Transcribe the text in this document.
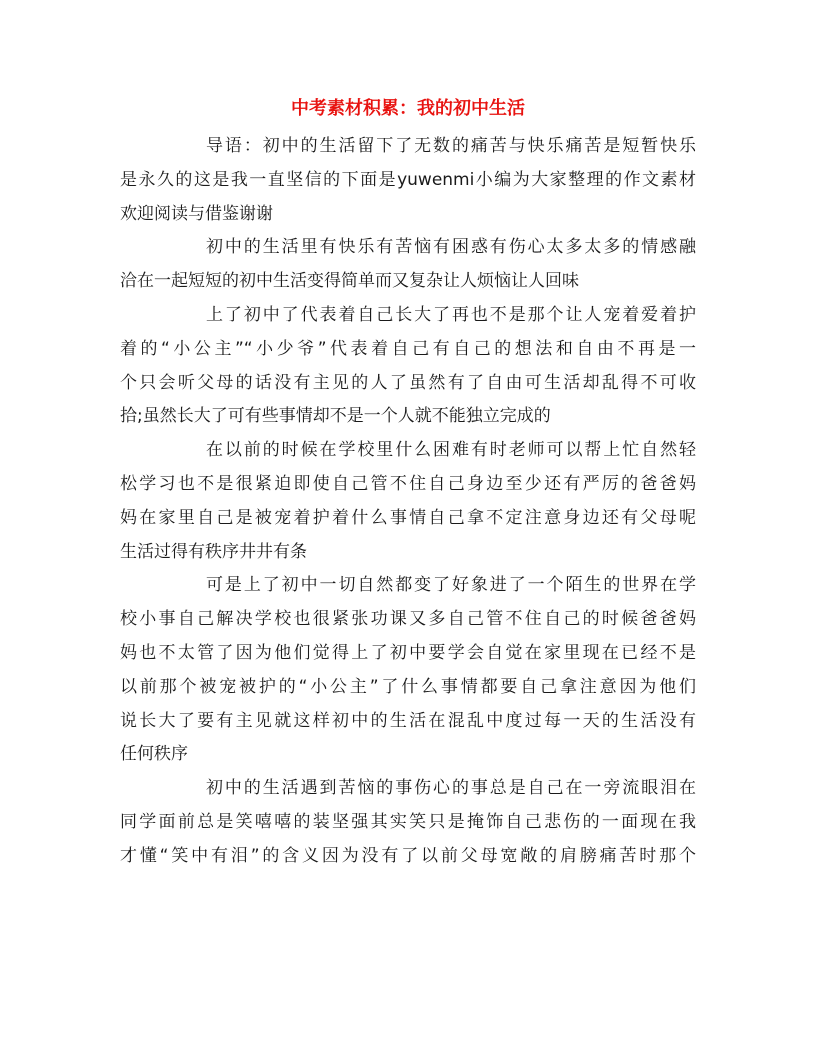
中考素材积累：我的初中生活

导语：初中的生活留下了无数的痛苦与快乐痛苦是短暂快乐
是永久的这是我一直坚信的下面是yuwenmi小编为大家整理的作文素材
欢迎阅读与借鉴谢谢

初中的生活里有快乐有苦恼有困惑有伤心太多太多的情感融
洽在一起短短的初中生活变得简单而又复杂让人烦恼让人回味

上了初中了代表着自己长大了再也不是那个让人宠着爱着护
着的“小公主”“小少爷”代表着自己有自己的想法和自由不再是一
个只会听父母的话没有主见的人了虽然有了自由可生活却乱得不可收
拾;虽然长大了可有些事情却不是一个人就不能独立完成的

在以前的时候在学校里什么困难有时老师可以帮上忙自然轻
松学习也不是很紧迫即使自己管不住自己身边至少还有严厉的爸爸妈
妈在家里自己是被宠着护着什么事情自己拿不定注意身边还有父母呢
生活过得有秩序井井有条

可是上了初中一切自然都变了好象进了一个陌生的世界在学
校小事自己解决学校也很紧张功课又多自己管不住自己的时候爸爸妈
妈也不太管了因为他们觉得上了初中要学会自觉在家里现在已经不是
以前那个被宠被护的“小公主”了什么事情都要自己拿注意因为他们
说长大了要有主见就这样初中的生活在混乱中度过每一天的生活没有
任何秩序

初中的生活遇到苦恼的事伤心的事总是自己在一旁流眼泪在
同学面前总是笑嘻嘻的装坚强其实笑只是掩饰自己悲伤的一面现在我
才懂“笑中有泪”的含义因为没有了以前父母宽敞的肩膀痛苦时那个
